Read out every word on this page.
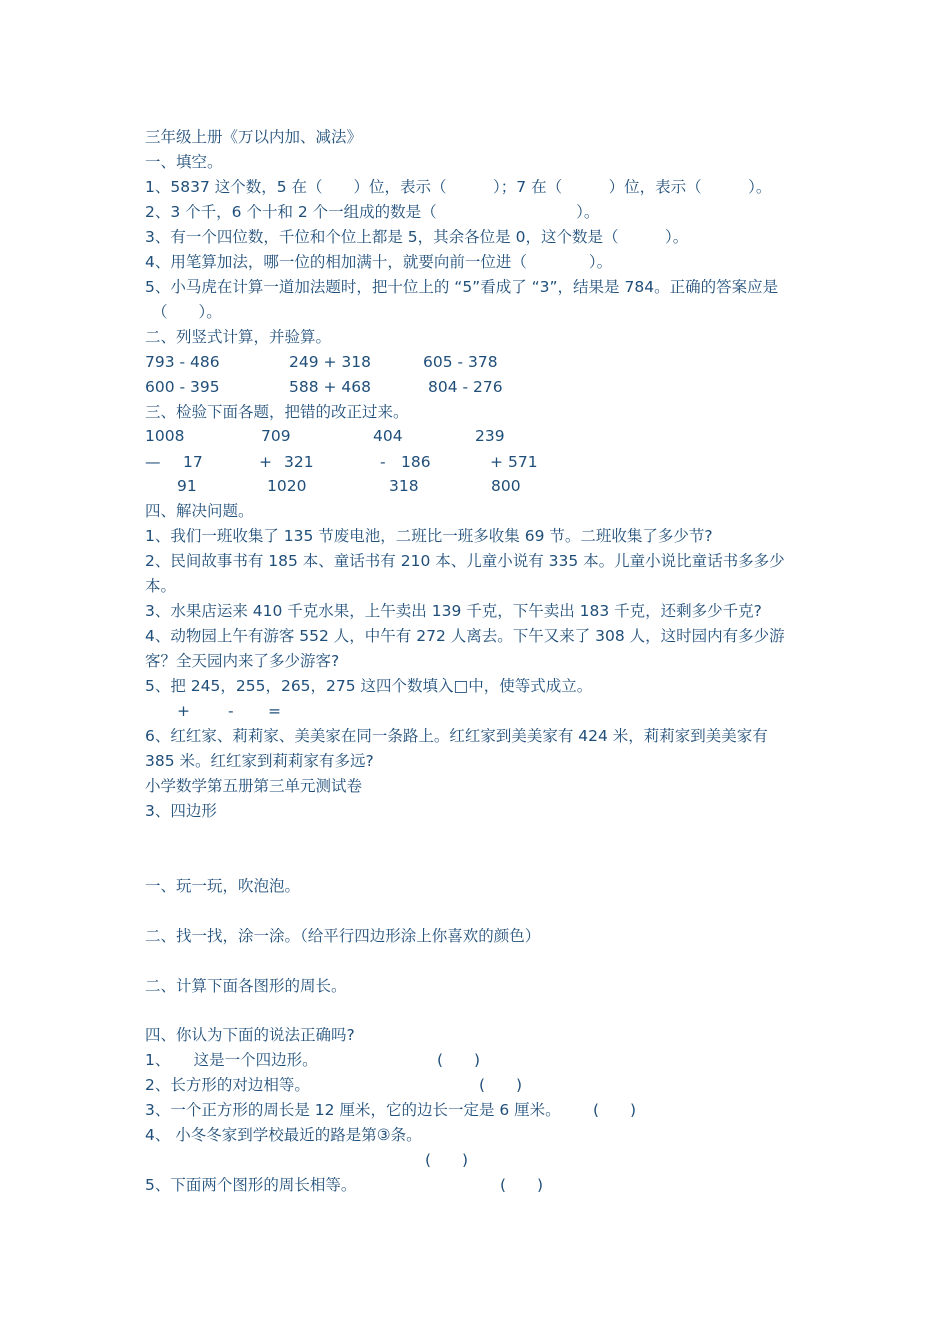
三年级上册《万以内加、减法》
一、填空。
1、5837 这个数，5 在（　　）位，表示（　　　）；7 在（　　　）位，表示（　　　）。
2、3 个千，6 个十和 2 个一组成的数是（　　　　　　　　　）。
3、有一个四位数，千位和个位上都是 5，其余各位是 0，这个数是（　　　）。
4、用笔算加法，哪一位的相加满十，就要向前一位进（　　　　）。
5、小马虎在计算一道加法题时，把十位上的 “5”看成了 “3”，结果是 784。正确的答案应是
（　　）。
二、列竖式计算，并验算。
793 - 486	249 + 318	605 - 378
600 - 395	588 + 468	804 - 276
三、检验下面各题，把错的改正过来。
1008	709	404	239
— 17	+ 321	- 186	+ 571
91	1020	318	800
四、解决问题。
1、我们一班收集了 135 节废电池，二班比一班多收集 69 节。二班收集了多少节?
2、民间故事书有 185 本、童话书有 210 本、儿童小说有 335 本。儿童小说比童话书多多少
本。
3、水果店运来 410 千克水果，上午卖出 139 千克，下午卖出 183 千克，还剩多少千克?
4、动物园上午有游客 552 人，中午有 272 人离去。下午又来了 308 人，这时园内有多少游
客？全天园内来了多少游客?
5、把 245，255，265，275 这四个数填入□中，使等式成立。
+ - =
6、红红家、莉莉家、美美家在同一条路上。红红家到美美家有 424 米，莉莉家到美美家有
385 米。红红家到莉莉家有多远?
小学数学第五册第三单元测试卷
3、四边形
一、玩一玩，吹泡泡。
二、找一找，涂一涂。（给平行四边形涂上你喜欢的颜色）
二、计算下面各图形的周长。
四、你认为下面的说法正确吗?
1、　　这是一个四边形。	(　　)
2、长方形的对边相等。	(　　)
3、一个正方形的周长是 12 厘米，它的边长一定是 6 厘米。 (　　)
4、 小冬冬家到学校最近的路是第③条。
(　　)
5、下面两个图形的周长相等。	(　　)
